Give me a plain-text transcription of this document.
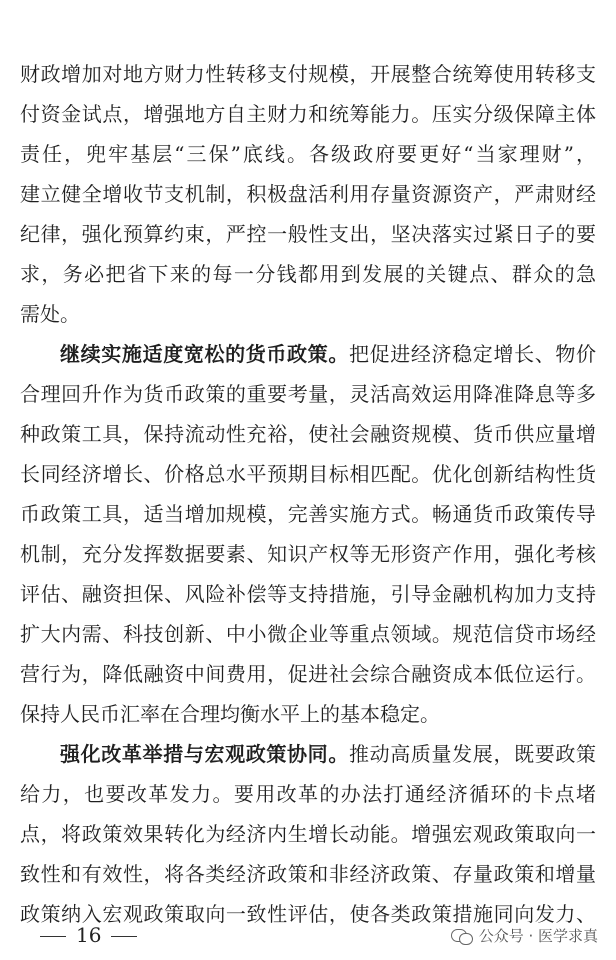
财政增加对地方财力性转移支付规模，开展整合统筹使用转移支
付资金试点，增强地方自主财力和统筹能力。压实分级保障主体
责任，兜牢基层“三保”底线。各级政府要更好“当家理财”，
建立健全增收节支机制，积极盘活利用存量资源资产，严肃财经
纪律，强化预算约束，严控一般性支出，坚决落实过紧日子的要
求，务必把省下来的每一分钱都用到发展的关键点、群众的急
需处。
继续实施适度宽松的货币政策。把促进经济稳定增长、物价
合理回升作为货币政策的重要考量，灵活高效运用降准降息等多
种政策工具，保持流动性充裕，使社会融资规模、货币供应量增
长同经济增长、价格总水平预期目标相匹配。优化创新结构性货
币政策工具，适当增加规模，完善实施方式。畅通货币政策传导
机制，充分发挥数据要素、知识产权等无形资产作用，强化考核
评估、融资担保、风险补偿等支持措施，引导金融机构加力支持
扩大内需、科技创新、中小微企业等重点领域。规范信贷市场经
营行为，降低融资中间费用，促进社会综合融资成本低位运行。
保持人民币汇率在合理均衡水平上的基本稳定。
强化改革举措与宏观政策协同。推动高质量发展，既要政策
给力，也要改革发力。要用改革的办法打通经济循环的卡点堵
点，将政策效果转化为经济内生增长动能。增强宏观政策取向一
致性和有效性，将各类经济政策和非经济政策、存量政策和增量
政策纳入宏观政策取向一致性评估，使各类政策措施同向发力、
16	公众号 · 医学求真
